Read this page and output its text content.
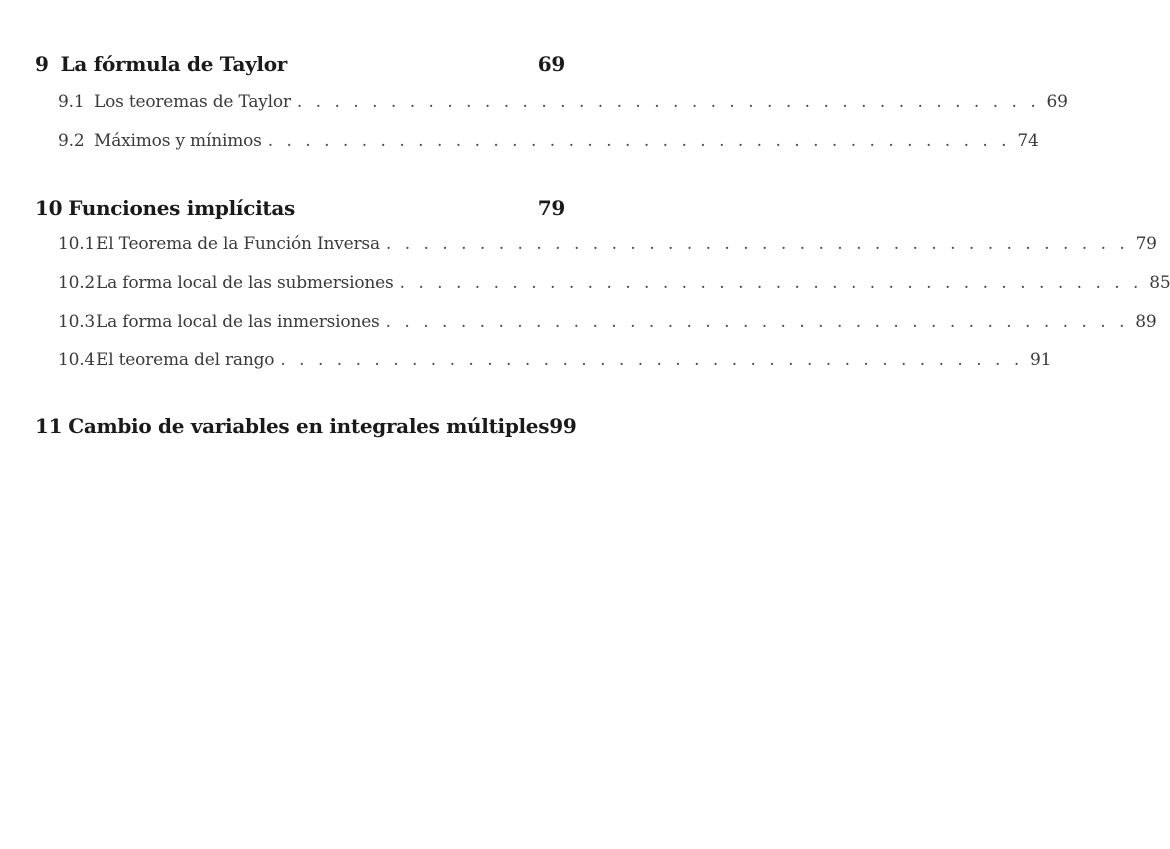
9 La fórmula de Taylor	69
9.1 Los teoremas de Taylor . . . . . . . . . . . . . . . . . . . . . . . . . . . . . . . . . . . . . . . . 69
9.2 Máximos y mínimos . . . . . . . . . . . . . . . . . . . . . . . . . . . . . . . . . . . . . . . . 74
10 Funciones implícitas	79
10.1 El Teorema de la Función Inversa . . . . . . . . . . . . . . . . . . . . . . . . . . . . . . . . . . . . . . . . 79
10.2 La forma local de las submersiones . . . . . . . . . . . . . . . . . . . . . . . . . . . . . . . . . . . . . . . . 85
10.3 La forma local de las inmersiones . . . . . . . . . . . . . . . . . . . . . . . . . . . . . . . . . . . . . . . . 89
10.4 El teorema del rango . . . . . . . . . . . . . . . . . . . . . . . . . . . . . . . . . . . . . . . . 91
11 Cambio de variables en integrales múltiples 99
